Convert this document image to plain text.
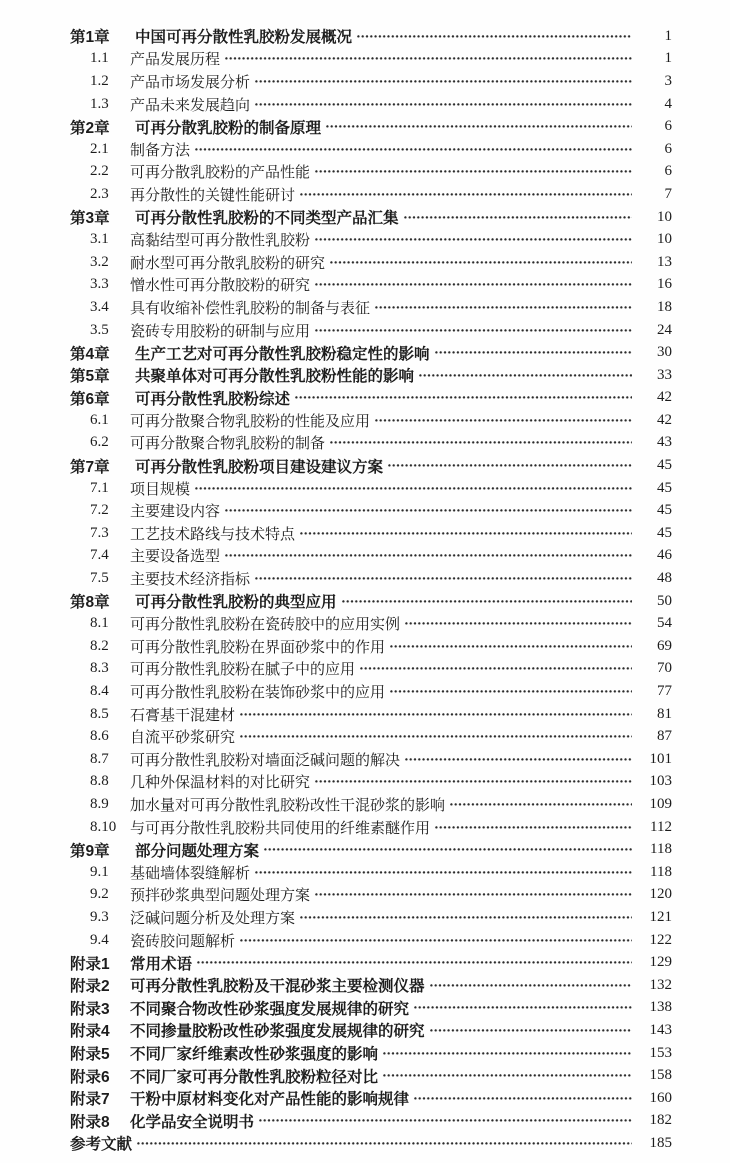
第1章	中国可再分散性乳胶粉发展概况	1
1.1	产品发展历程	1
1.2	产品市场发展分析	3
1.3	产品未来发展趋向	4
第2章	可再分散乳胶粉的制备原理	6
2.1	制备方法	6
2.2	可再分散乳胶粉的产品性能	6
2.3	再分散性的关键性能研讨	7
第3章	可再分散性乳胶粉的不同类型产品汇集	10
3.1	高黏结型可再分散性乳胶粉	10
3.2	耐水型可再分散乳胶粉的研究	13
3.3	憎水性可再分散胶粉的研究	16
3.4	具有收缩补偿性乳胶粉的制备与表征	18
3.5	瓷砖专用胶粉的研制与应用	24
第4章	生产工艺对可再分散性乳胶粉稳定性的影响	30
第5章	共聚单体对可再分散性乳胶粉性能的影响	33
第6章	可再分散性乳胶粉综述	42
6.1	可再分散聚合物乳胶粉的性能及应用	42
6.2	可再分散聚合物乳胶粉的制备	43
第7章	可再分散性乳胶粉项目建设建议方案	45
7.1	项目规模	45
7.2	主要建设内容	45
7.3	工艺技术路线与技术特点	45
7.4	主要设备选型	46
7.5	主要技术经济指标	48
第8章	可再分散性乳胶粉的典型应用	50
8.1	可再分散性乳胶粉在瓷砖胶中的应用实例	54
8.2	可再分散性乳胶粉在界面砂浆中的作用	69
8.3	可再分散性乳胶粉在腻子中的应用	70
8.4	可再分散性乳胶粉在装饰砂浆中的应用	77
8.5	石膏基干混建材	81
8.6	自流平砂浆研究	87
8.7	可再分散性乳胶粉对墙面泛碱问题的解决	101
8.8	几种外保温材料的对比研究	103
8.9	加水量对可再分散性乳胶粉改性干混砂浆的影响	109
8.10 与可再分散性乳胶粉共同使用的纤维素醚作用	112
第9章	部分问题处理方案	118
9.1	基础墙体裂缝解析	118
9.2	预拌砂浆典型问题处理方案	120
9.3	泛碱问题分析及处理方案	121
9.4	瓷砖胶问题解析	122
附录1	常用术语	129
附录2	可再分散性乳胶粉及干混砂浆主要检测仪器	132
附录3	不同聚合物改性砂浆强度发展规律的研究	138
附录4	不同掺量胶粉改性砂浆强度发展规律的研究	143
附录5	不同厂家纤维素改性砂浆强度的影响	153
附录6	不同厂家可再分散性乳胶粉粒径对比	158
附录7	干粉中原材料变化对产品性能的影响规律	160
附录8	化学品安全说明书	182
参考文献	185
